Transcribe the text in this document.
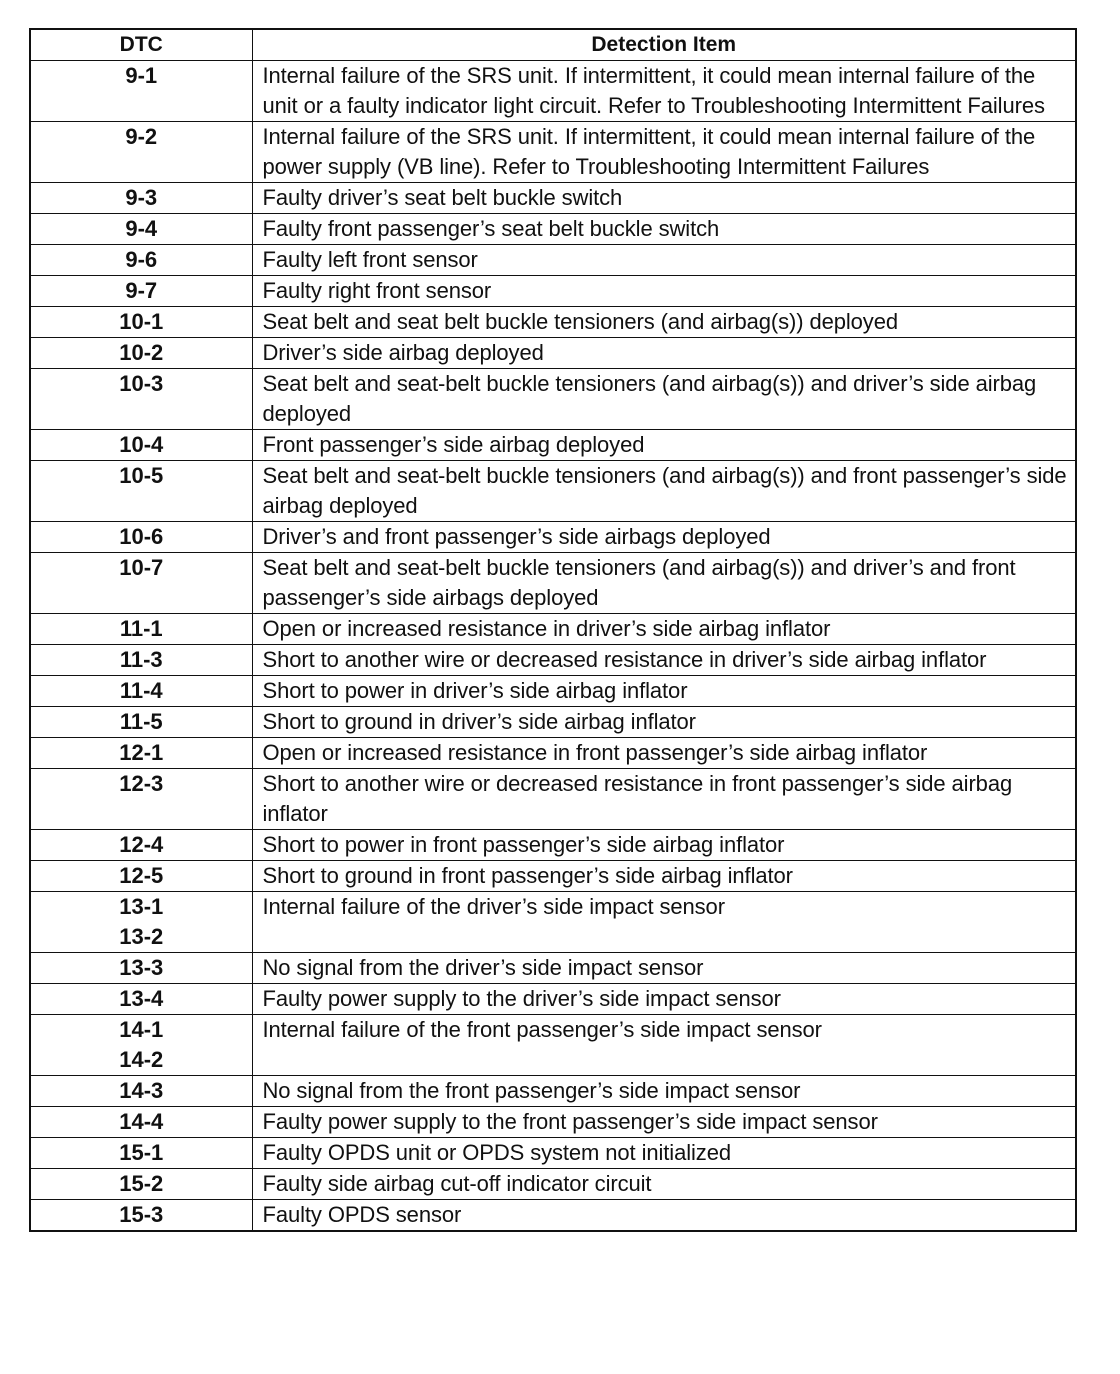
DTC	Detection Item

9-1	Internal failure of the SRS unit. If intermittent, it could mean internal failure of the unit or a faulty indicator light circuit. Refer to Troubleshooting Intermittent Failures

9-2	Internal failure of the SRS unit. If intermittent, it could mean internal failure of the power supply (VB line). Refer to Troubleshooting Intermittent Failures

9-3	Faulty driver’s seat belt buckle switch

9-4	Faulty front passenger’s seat belt buckle switch

9-6	Faulty left front sensor

9-7	Faulty right front sensor

10-1	Seat belt and seat belt buckle tensioners (and airbag(s)) deployed

10-2	Driver’s side airbag deployed

10-3	Seat belt and seat-belt buckle tensioners (and airbag(s)) and driver’s side airbag deployed

10-4	Front passenger’s side airbag deployed

10-5	Seat belt and seat-belt buckle tensioners (and airbag(s)) and front passenger’s side airbag deployed

10-6	Driver’s and front passenger’s side airbags deployed

10-7	Seat belt and seat-belt buckle tensioners (and airbag(s)) and driver’s and front passenger’s side airbags deployed

11-1	Open or increased resistance in driver’s side airbag inflator

11-3	Short to another wire or decreased resistance in driver’s side airbag inflator

11-4	Short to power in driver’s side airbag inflator

11-5	Short to ground in driver’s side airbag inflator

12-1	Open or increased resistance in front passenger’s side airbag inflator

12-3	Short to another wire or decreased resistance in front passenger’s side airbag inflator

12-4	Short to power in front passenger’s side airbag inflator

12-5	Short to ground in front passenger’s side airbag inflator

13-1
13-2	Internal failure of the driver’s side impact sensor

13-3	No signal from the driver’s side impact sensor

13-4	Faulty power supply to the driver’s side impact sensor

14-1
14-2	Internal failure of the front passenger’s side impact sensor

14-3	No signal from the front passenger’s side impact sensor

14-4	Faulty power supply to the front passenger’s side impact sensor

15-1	Faulty OPDS unit or OPDS system not initialized

15-2	Faulty side airbag cut-off indicator circuit

15-3	Faulty OPDS sensor
